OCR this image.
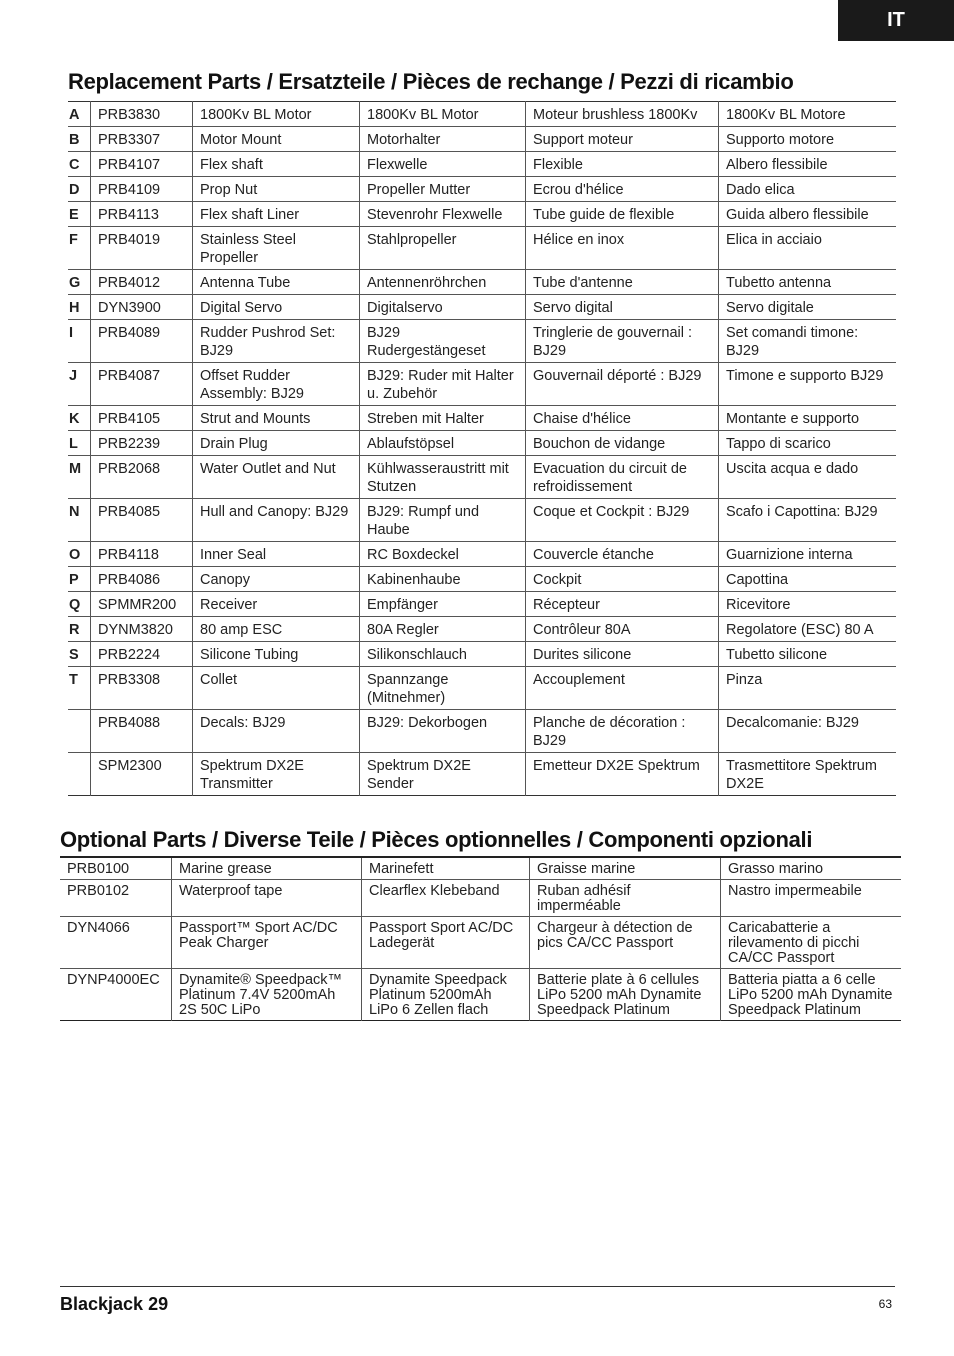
IT
Replacement Parts / Ersatzteile / Pièces de rechange / Pezzi di ricambio
A	PRB3830	1800Kv BL Motor	1800Kv BL Motor	Moteur brushless 1800Kv	1800Kv BL Motore
B	PRB3307	Motor Mount	Motorhalter	Support moteur	Supporto motore
C	PRB4107	Flex shaft	Flexwelle	Flexible	Albero flessibile
D	PRB4109	Prop Nut	Propeller Mutter	Ecrou d'hélice	Dado elica
E	PRB4113	Flex shaft Liner	Stevenrohr Flexwelle	Tube guide de flexible	Guida albero flessibile
F	PRB4019	Stainless Steel Propeller	Stahlpropeller	Hélice en inox	Elica in acciaio
G	PRB4012	Antenna Tube	Antennenröhrchen	Tube d'antenne	Tubetto antenna
H	DYN3900	Digital Servo	Digitalservo	Servo digital	Servo digitale
I	PRB4089	Rudder Pushrod Set: BJ29	BJ29 Rudergestängeset	Tringlerie de gouvernail : BJ29	Set comandi timone: BJ29
J	PRB4087	Offset Rudder Assembly: BJ29	BJ29: Ruder mit Halter u. Zubehör	Gouvernail déporté : BJ29	Timone e supporto BJ29
K	PRB4105	Strut and Mounts	Streben mit Halter	Chaise d'hélice	Montante e supporto
L	PRB2239	Drain Plug	Ablaufstöpsel	Bouchon de vidange	Tappo di scarico
M	PRB2068	Water Outlet and Nut	Kühlwasseraustritt mit Stutzen	Evacuation du circuit de refroidissement	Uscita acqua e dado
N	PRB4085	Hull and Canopy: BJ29	BJ29: Rumpf und Haube	Coque et Cockpit : BJ29	Scafo i Capottina: BJ29
O	PRB4118	Inner Seal	RC Boxdeckel	Couvercle étanche	Guarnizione interna
P	PRB4086	Canopy	Kabinenhaube	Cockpit	Capottina
Q	SPMMR200	Receiver	Empfänger	Récepteur	Ricevitore
R	DYNM3820	80 amp ESC	80A Regler	Contrôleur 80A	Regolatore (ESC) 80 A
S	PRB2224	Silicone Tubing	Silikonschlauch	Durites silicone	Tubetto silicone
T	PRB3308	Collet	Spannzange (Mitnehmer)	Accouplement	Pinza
	PRB4088	Decals: BJ29	BJ29: Dekorbogen	Planche de décoration : BJ29	Decalcomanie: BJ29
	SPM2300	Spektrum DX2E Transmitter	Spektrum DX2E Sender	Emetteur DX2E Spektrum	Trasmettitore Spektrum DX2E
Optional Parts / Diverse Teile / Pièces optionnelles / Componenti opzionali
PRB0100	Marine grease	Marinefett	Graisse marine	Grasso marino
PRB0102	Waterproof tape	Clearflex Klebeband	Ruban adhésif imperméable	Nastro impermeabile
DYN4066	Passport™ Sport AC/DC Peak Charger	Passport Sport AC/DC Ladegerät	Chargeur à détection de pics CA/CC Passport	Caricabatterie a rilevamento di picchi CA/CC Passport
DYNP4000EC	Dynamite® Speedpack™ Platinum 7.4V 5200mAh 2S 50C LiPo	Dynamite Speedpack Platinum 5200mAh LiPo 6 Zellen flach	Batterie plate à 6 cellules LiPo 5200 mAh Dynamite Speedpack Platinum	Batteria piatta a 6 celle LiPo 5200 mAh Dynamite Speedpack Platinum
Blackjack 29	63
